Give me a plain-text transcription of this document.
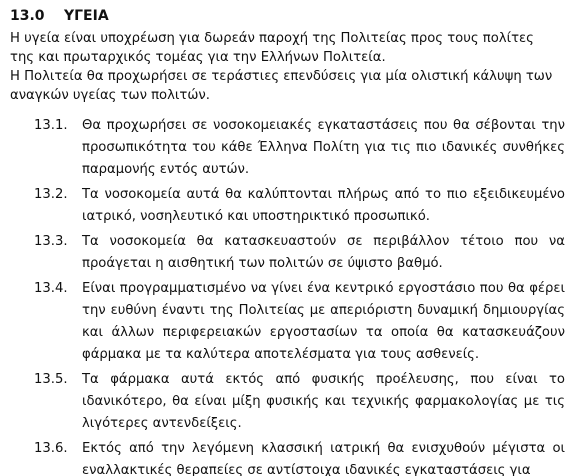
13.0 ΥΓΕΙΑ

Η υγεία είναι υποχρέωση για δωρεάν παροχή της Πολιτείας προς τους πολίτες της και πρωταρχικός τομέας για την Ελλήνων Πολιτεία.

Η Πολιτεία θα προχωρήσει σε τεράστιες επενδύσεις για μία ολιστική κάλυψη των αναγκών υγείας των πολιτών.

13.1.	Θα προχωρήσει σε νοσοκομειακές εγκαταστάσεις που θα σέβονται την προσωπικότητα του κάθε Έλληνα Πολίτη για τις πιο ιδανικές συνθήκες παραμονής εντός αυτών.
13.2.	Τα νοσοκομεία αυτά θα καλύπτονται πλήρως από το πιο εξειδικευμένο ιατρικό, νοσηλευτικό και υποστηρικτικό προσωπικό.
13.3.	Τα νοσοκομεία θα κατασκευαστούν σε περιβάλλον τέτοιο που να προάγεται η αισθητική των πολιτών σε ύψιστο βαθμό.
13.4.	Είναι προγραμματισμένο να γίνει ένα κεντρικό εργοστάσιο που θα φέρει την ευθύνη έναντι της Πολιτείας με απεριόριστη δυναμική δημιουργίας και άλλων περιφερειακών εργοστασίων τα οποία θα κατασκευάζουν φάρμακα με τα καλύτερα αποτελέσματα για τους ασθενείς.
13.5.	Τα φάρμακα αυτά εκτός από φυσικής προέλευσης, που είναι το ιδανικότερο, θα είναι μίξη φυσικής και τεχνικής φαρμακολογίας με τις λιγότερες αντενδείξεις.
13.6.	Εκτός από την λεγόμενη κλασσική ιατρική θα ενισχυθούν μέγιστα οι εναλλακτικές θεραπείες σε αντίστοιχα ιδανικές εγκαταστάσεις για
